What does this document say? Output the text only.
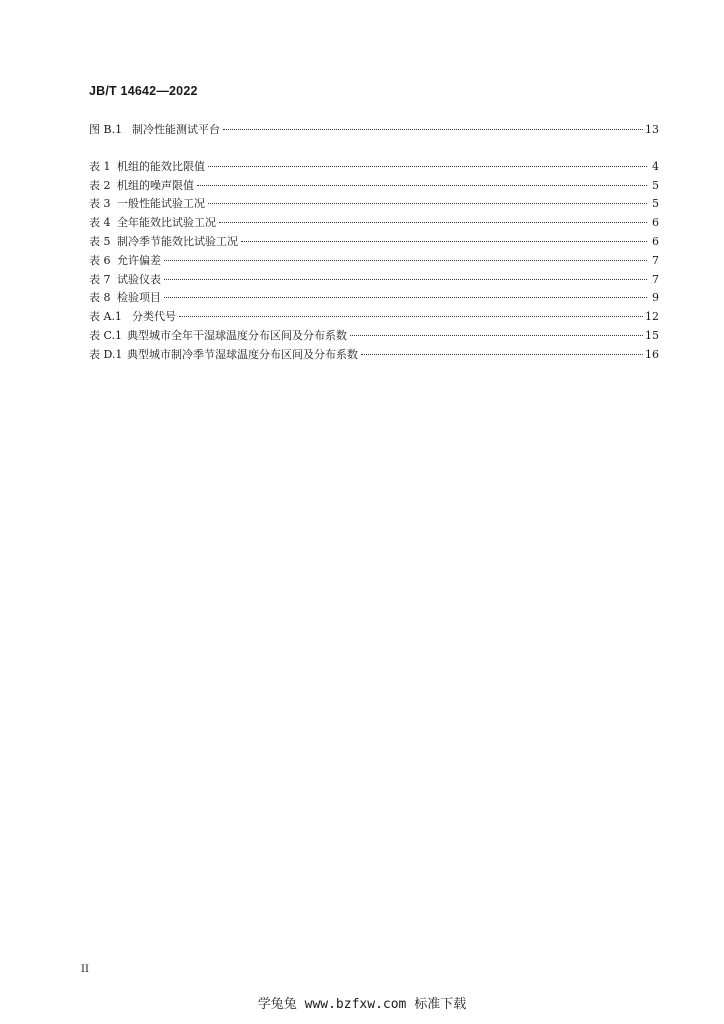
JB/T 14642—2022
图 B.1 制冷性能测试平台	13
表 1 机组的能效比限值	4
表 2 机组的噪声限值	5
表 3 一般性能试验工况	5
表 4 全年能效比试验工况	6
表 5 制冷季节能效比试验工况	6
表 6 允许偏差	7
表 7 试验仪表	7
表 8 检验项目	9
表 A.1 分类代号	12
表 C.1 典型城市全年干湿球温度分布区间及分布系数	15
表 D.1 典型城市制冷季节湿球温度分布区间及分布系数	16
II
学兔兔 www.bzfxw.com 标准下载
